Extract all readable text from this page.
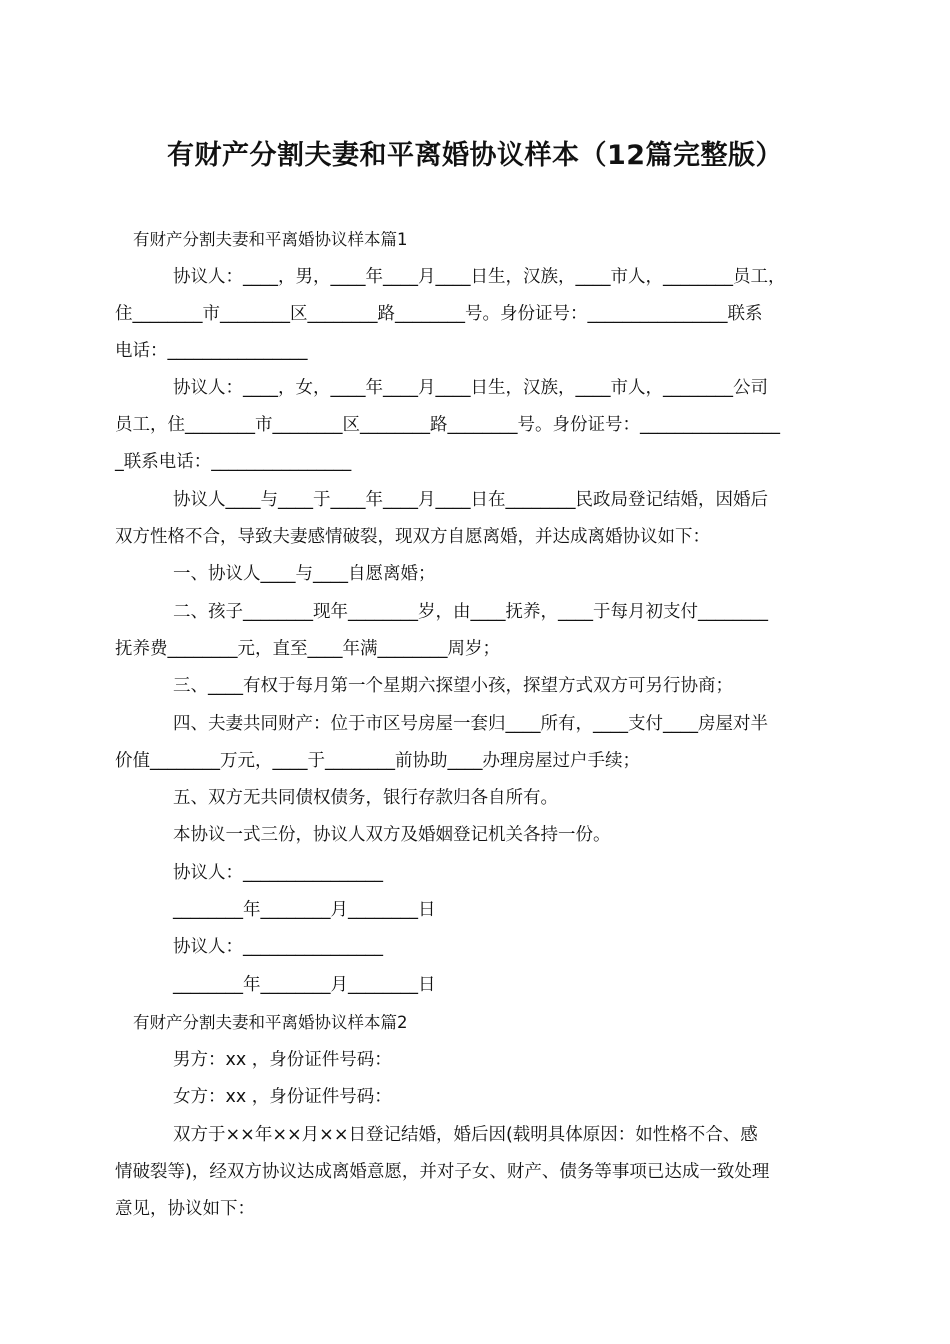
有财产分割夫妻和平离婚协议样本（12篇完整版）
有财产分割夫妻和平离婚协议样本篇1
协议人：____，男，____年____月____日生，汉族，____市人，________员工，
住________市________区________路________号。身份证号：________________联系
电话：________________
协议人：____，女，____年____月____日生，汉族，____市人，________公司
员工，住________市________区________路________号。身份证号：________________
_联系电话：________________
协议人____与____于____年____月____日在________民政局登记结婚，因婚后
双方性格不合，导致夫妻感情破裂，现双方自愿离婚，并达成离婚协议如下：
一、协议人____与____自愿离婚；
二、孩子________现年________岁，由____抚养，____于每月初支付________
抚养费________元，直至____年满________周岁；
三、____有权于每月第一个星期六探望小孩，探望方式双方可另行协商；
四、夫妻共同财产：位于市区号房屋一套归____所有，____支付____房屋对半
价值________万元，____于________前协助____办理房屋过户手续；
五、双方无共同债权债务，银行存款归各自所有。
本协议一式三份，协议人双方及婚姻登记机关各持一份。
协议人：________________
________年________月________日
协议人：________________
________年________月________日
有财产分割夫妻和平离婚协议样本篇2
男方：xx ，身份证件号码：
女方：xx ，身份证件号码：
双方于××年××月××日登记结婚，婚后因(载明具体原因：如性格不合、感
情破裂等)，经双方协议达成离婚意愿，并对子女、财产、债务等事项已达成一致处理
意见，协议如下：
